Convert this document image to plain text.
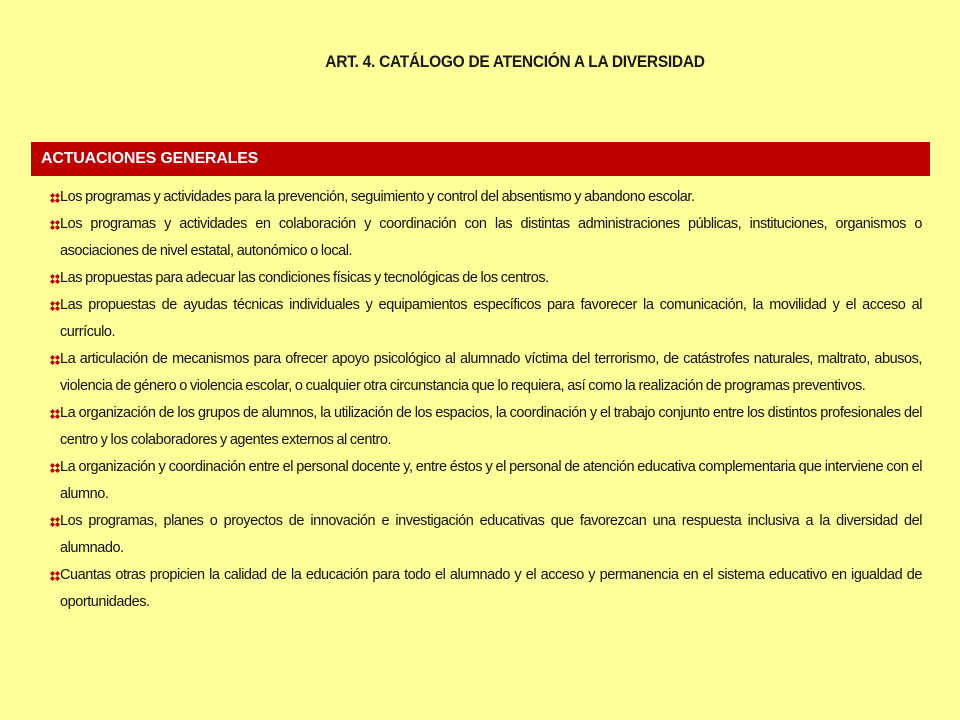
ART. 4. CATÁLOGO DE ATENCIÓN A LA DIVERSIDAD
ACTUACIONES GENERALES
Los programas y actividades para la prevención, seguimiento y control del absentismo y abandono escolar.
Los programas y actividades en colaboración y coordinación con las distintas administraciones públicas, instituciones, organismos o asociaciones de nivel estatal, autonómico o local.
Las propuestas para adecuar las condiciones físicas y tecnológicas de los centros.
Las propuestas de ayudas técnicas individuales y equipamientos específicos para favorecer la comunicación, la movilidad y el acceso al currículo.
La articulación de mecanismos para ofrecer apoyo psicológico al alumnado víctima del terrorismo, de catástrofes naturales, maltrato, abusos, violencia de género o violencia escolar, o cualquier otra circunstancia que lo requiera, así como la realización de programas preventivos.
La organización de los grupos de alumnos, la utilización de los espacios, la coordinación y el trabajo conjunto entre los distintos profesionales del centro y los colaboradores y agentes externos al centro.
La organización y coordinación entre el personal docente y, entre éstos y el personal de atención educativa complementaria que interviene con el alumno.
Los programas, planes o proyectos de innovación e investigación educativas que favorezcan una respuesta inclusiva a la diversidad del alumnado.
Cuantas otras propicien la calidad de la educación para todo el alumnado y el acceso y permanencia en el sistema educativo en igualdad de oportunidades.
